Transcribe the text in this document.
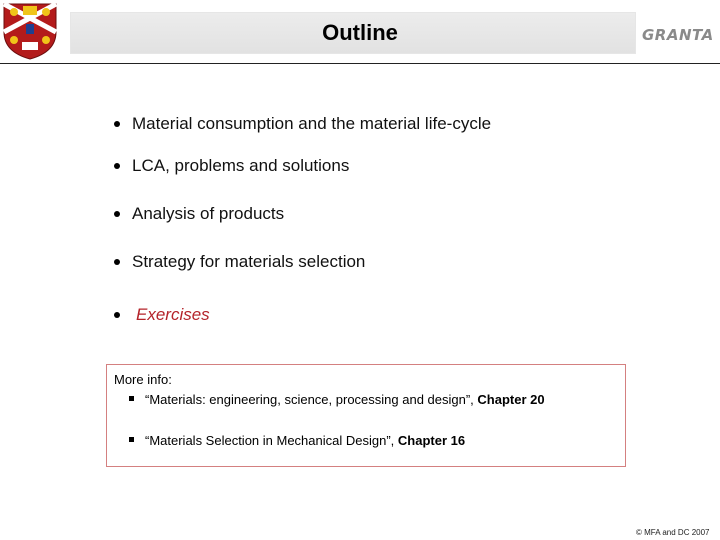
Outline	GRANTA
Material consumption and the material life-cycle
LCA, problems and solutions
Analysis of products
Strategy for materials selection
Exercises
More info:
“Materials: engineering, science, processing and design”, Chapter 20
“Materials Selection in Mechanical Design”, Chapter 16
© MFA and DC 2007
